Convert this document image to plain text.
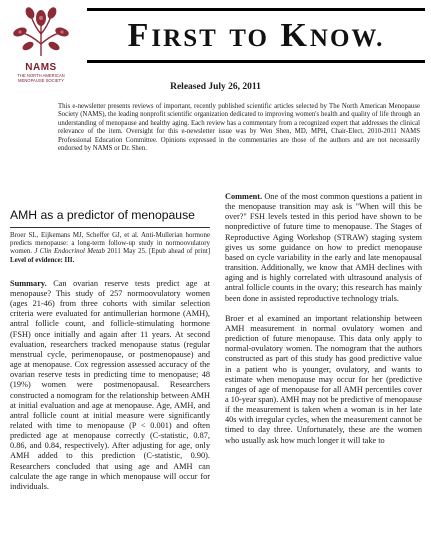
NAMS
THE NORTH AMERICAN MENOPAUSE SOCIETY
FIRST TO KNOW.
Released July 26, 2011
This e-newsletter presents reviews of important, recently published scientific articles selected by The North American Menopause Society (NAMS), the leading nonprofit scientific organization dedicated to improving women's health and quality of life through an understanding of menopause and healthy aging. Each review has a commentary from a recognized expert that addresses the clinical relevance of the item. Oversight for this e-newsletter issue was by Wen Shen, MD, MPH, Chair-Elect, 2010-2011 NAMS Professional Education Committee. Opinions expressed in the commentaries are those of the authors and are not necessarily endorsed by NAMS or Dr. Shen.
AMH as a predictor of menopause

Broer SL, Eijkemans MJ, Scheffer GJ, et al. Anti-Mullerian hormone predicts menopause: a long-term follow-up study in normoovulatory women. J Clin Endocrinol Metab 2011 May 25. [Epub ahead of print] Level of evidence: III.

Summary. Can ovarian reserve tests predict age at menopause? This study of 257 normoovulatory women (ages 21-46) from three cohorts with similar selection criteria were evaluated for antimullerian hormone (AMH), antral follicle count, and follicle-stimulating hormone (FSH) once initially and again after 11 years. At second evaluation, researchers tracked menopause status (regular menstrual cycle, perimenopause, or postmenopause) and age at menopause. Cox regression assessed accuracy of the ovarian reserve tests in predicting time to menopause; 48 (19%) women were postmenopausal. Researchers constructed a nomogram for the relationship between AMH at initial evaluation and age at menopause. Age, AMH, and antral follicle count at initial measure were significantly related with time to menopause (P < 0.001) and often predicted age at menopause correctly (C-statistic, 0.87, 0.86, and 0.84, respectively). After adjusting for age, only AMH added to this prediction (C-statistic, 0.90). Researchers concluded that using age and AMH can calculate the age range in which menopause will occur for individuals.

Comment. One of the most common questions a patient in the menopause transition may ask is "When will this be over?" FSH levels tested in this period have shown to be nonpredictive of future time to menopause. The Stages of Reproductive Aging Workshop (STRAW) staging system gives us some guidance on how to predict menopause based on cycle variability in the early and late menopausal transition. Additionally, we know that AMH declines with aging and is highly correlated with ultrasound analysis of antral follicle counts in the ovary; this research has mainly been done in assisted reproductive technology trials.

Broer et al examined an important relationship between AMH measurement in normal ovulatory women and prediction of future menopause. This data only apply to normal-ovulatory women. The nomogram that the authors constructed as part of this study has good predictive value in a patient who is younger, ovulatory, and wants to estimate when menopause may occur for her (predictive ranges of age of menopause for all AMH percentiles cover a 10-year span). AMH may not be predictive of menopause if the measurement is taken when a woman is in her late 40s with irregular cycles, when the measurement cannot be timed to day three. Unfortunately, these are the women who usually ask how much longer it will take to
